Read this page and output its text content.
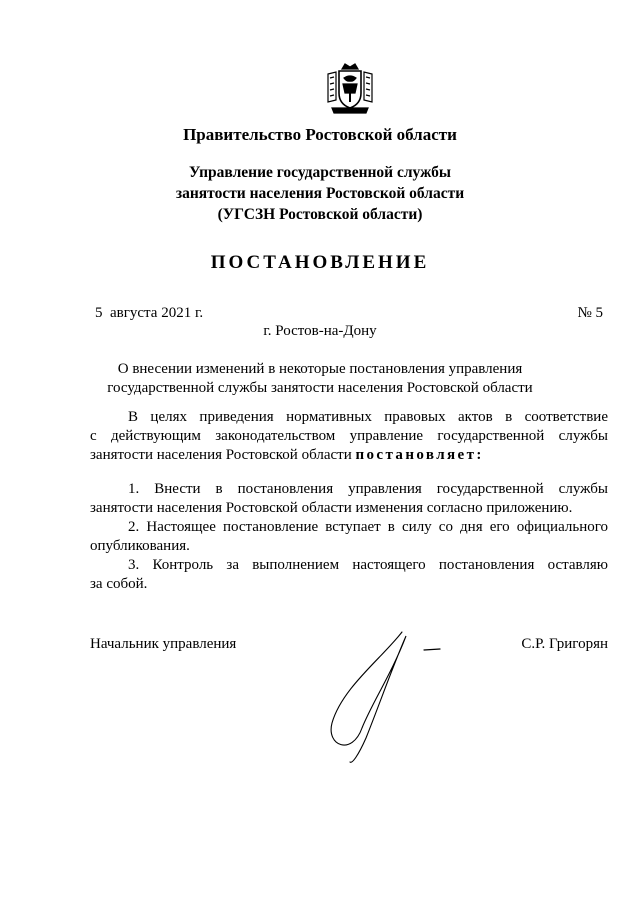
Правительство Ростовской области
Управление государственной службы
занятости населения Ростовской области
(УГСЗН Ростовской области)
ПОСТАНОВЛЕНИЕ
5  августа 2021 г.	№ 5
г. Ростов-на-Дону
О внесении изменений в некоторые постановления управления
государственной службы занятости населения Ростовской области
В целях приведения нормативных правовых актов в соответствие
с действующим законодательством управление государственной службы
занятости населения Ростовской области постановляет:
1. Внести в постановления управления государственной службы
занятости населения Ростовской области изменения согласно приложению.
2. Настоящее постановление вступает в силу со дня его официального
опубликования.
3. Контроль за выполнением настоящего постановления оставляю
за собой.
Начальник управления	С.Р. Григорян
